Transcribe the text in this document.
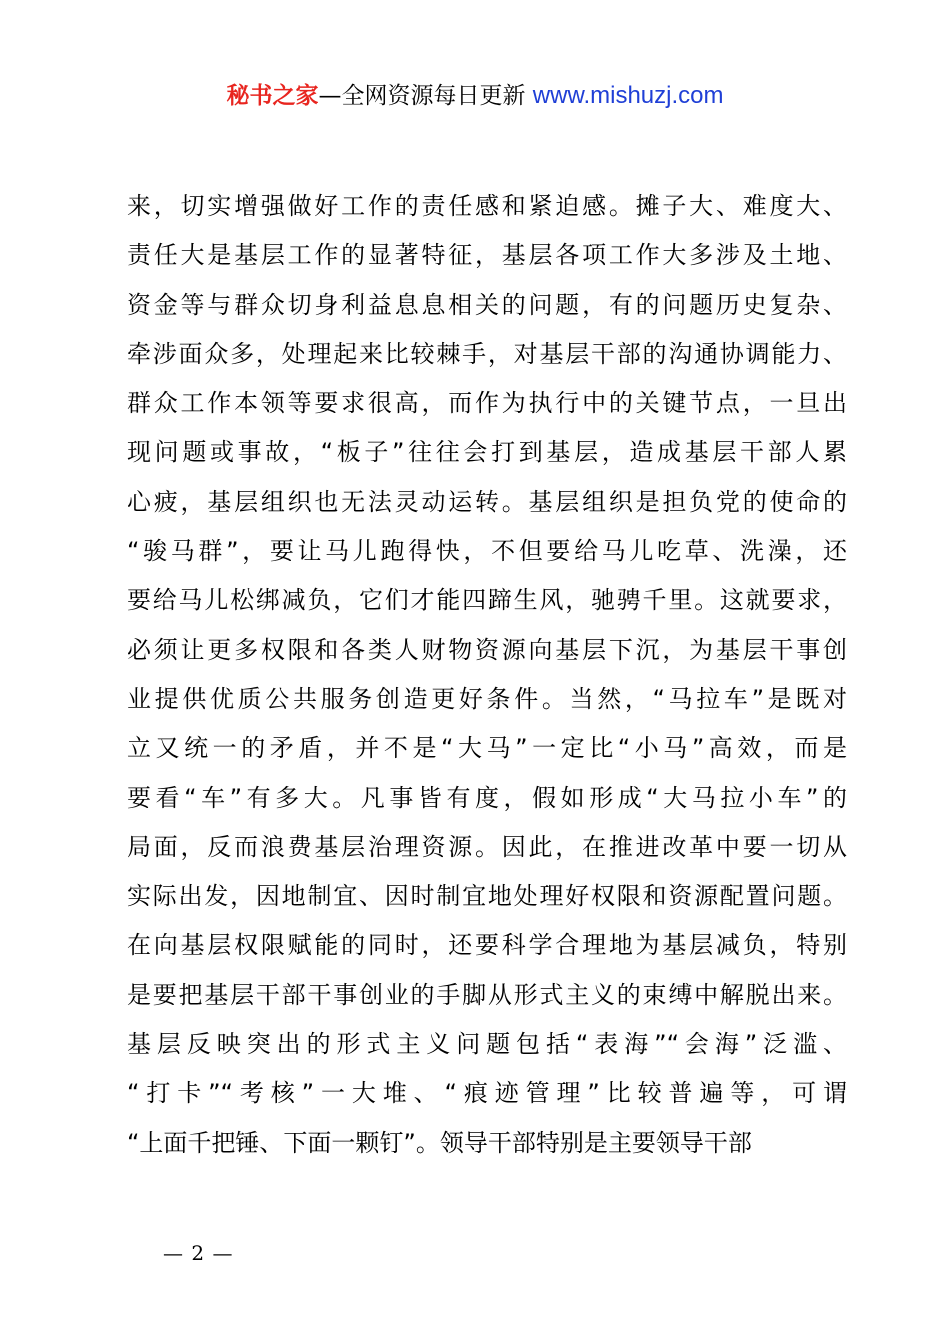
秘书之家—全网资源每日更新 www.mishuzj.com
来，切实增强做好工作的责任感和紧迫感。摊子大、难度大、
责任大是基层工作的显著特征，基层各项工作大多涉及土地、
资金等与群众切身利益息息相关的问题，有的问题历史复杂、
牵涉面众多，处理起来比较棘手，对基层干部的沟通协调能力、
群众工作本领等要求很高，而作为执行中的关键节点，一旦出
现问题或事故，“板子”往往会打到基层，造成基层干部人累
心疲，基层组织也无法灵动运转。基层组织是担负党的使命的
“骏马群”，要让马儿跑得快，不但要给马儿吃草、洗澡，还
要给马儿松绑减负，它们才能四蹄生风，驰骋千里。这就要求，
必须让更多权限和各类人财物资源向基层下沉，为基层干事创
业提供优质公共服务创造更好条件。当然，“马拉车”是既对
立又统一的矛盾，并不是“大马”一定比“小马”高效，而是
要看“车”有多大。凡事皆有度，假如形成“大马拉小车”的
局面，反而浪费基层治理资源。因此，在推进改革中要一切从
实际出发，因地制宜、因时制宜地处理好权限和资源配置问题。
在向基层权限赋能的同时，还要科学合理地为基层减负，特别
是要把基层干部干事创业的手脚从形式主义的束缚中解脱出来。
基层反映突出的形式主义问题包括“表海”“会海”泛滥、
“打卡”“考核”一大堆、“痕迹管理”比较普遍等，可谓
“上面千把锤、下面一颗钉”。领导干部特别是主要领导干部
— 2 —
